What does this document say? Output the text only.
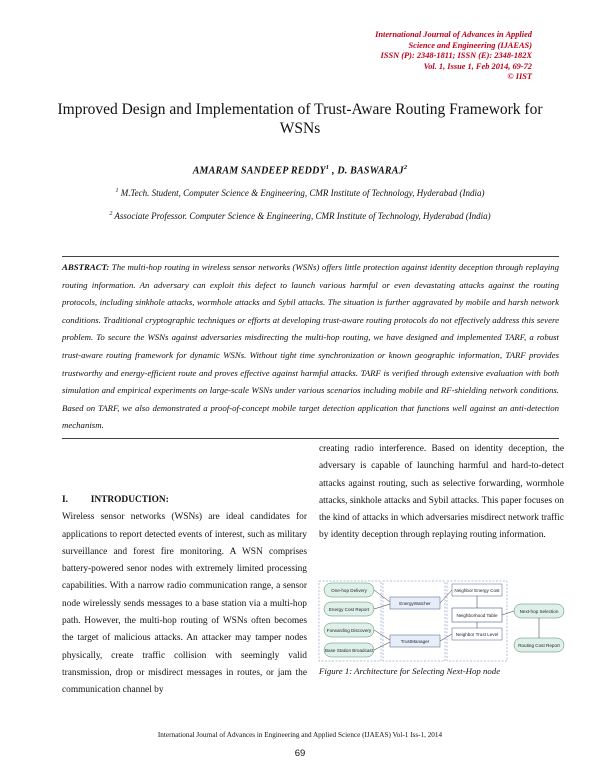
International Journal of Advances in Applied
Science and Engineering (IJAEAS)
ISSN (P): 2348-1811; ISSN (E): 2348-182X
Vol. 1, Issue 1, Feb 2014, 69-72
© IIST
Improved Design and Implementation of Trust-Aware Routing Framework for WSNs
AMARAM SANDEEP REDDY$^1$ , D. BASWARAJ$^2$
$^1$ M.Tech. Student, Computer Science & Engineering, CMR Institute of Technology, Hyderabad (India)
$^2$ Associate Professor. Computer Science & Engineering, CMR Institute of Technology, Hyderabad (India)
ABSTRACT: The multi-hop routing in wireless sensor networks (WSNs) offers little protection against identity deception through replaying routing information. An adversary can exploit this defect to launch various harmful or even devastating attacks against the routing protocols, including sinkhole attacks, wormhole attacks and Sybil attacks. The situation is further aggravated by mobile and harsh network conditions. Traditional cryptographic techniques or efforts at developing trust-aware routing protocols do not effectively address this severe problem. To secure the WSNs against adversaries misdirecting the multi-hop routing, we have designed and implemented TARF, a robust trust-aware routing framework for dynamic WSNs. Without tight time synchronization or known geographic information, TARF provides trustworthy and energy-efficient route and proves effective against harmful attacks. TARF is verified through extensive evaluation with both simulation and empirical experiments on large-scale WSNs under various scenarios including mobile and RF-shielding network conditions. Based on TARF, we also demonstrated a proof-of-concept mobile target detection application that functions well against an anti-detection mechanism.
I. INTRODUCTION:
Wireless sensor networks (WSNs) are ideal candidates for applications to report detected events of interest, such as military surveillance and forest fire monitoring. A WSN comprises battery-powered senor nodes with extremely limited processing capabilities. With a narrow radio communication range, a sensor node wirelessly sends messages to a base station via a multi-hop path. However, the multi-hop routing of WSNs often becomes the target of malicious attacks. An attacker may tamper nodes physically, create traffic collision with seemingly valid transmission, drop or misdirect messages in routes, or jam the communication channel by
creating radio interference. Based on identity deception, the adversary is capable of launching harmful and hard-to-detect attacks against routing, such as selective forwarding, wormhole attacks, sinkhole attacks and Sybil attacks. This paper focuses on the kind of attacks in which adversaries misdirect network traffic by identity deception through replaying routing information.
One-hop Delivery
Energy Cost Report
Forwarding Discovery
Base Station Broadcast
EnergyWatcher
TrustManager
Neighbor Energy Cost
Neighborhood Table
Neighbor Trust Level
Next-hop Selection
Routing Cost Report
Figure 1: Architecture for Selecting Next-Hop node
International Journal of Advances in Engineering and Applied Science (IJAEAS) Vol-1 Iss-1, 2014
69
